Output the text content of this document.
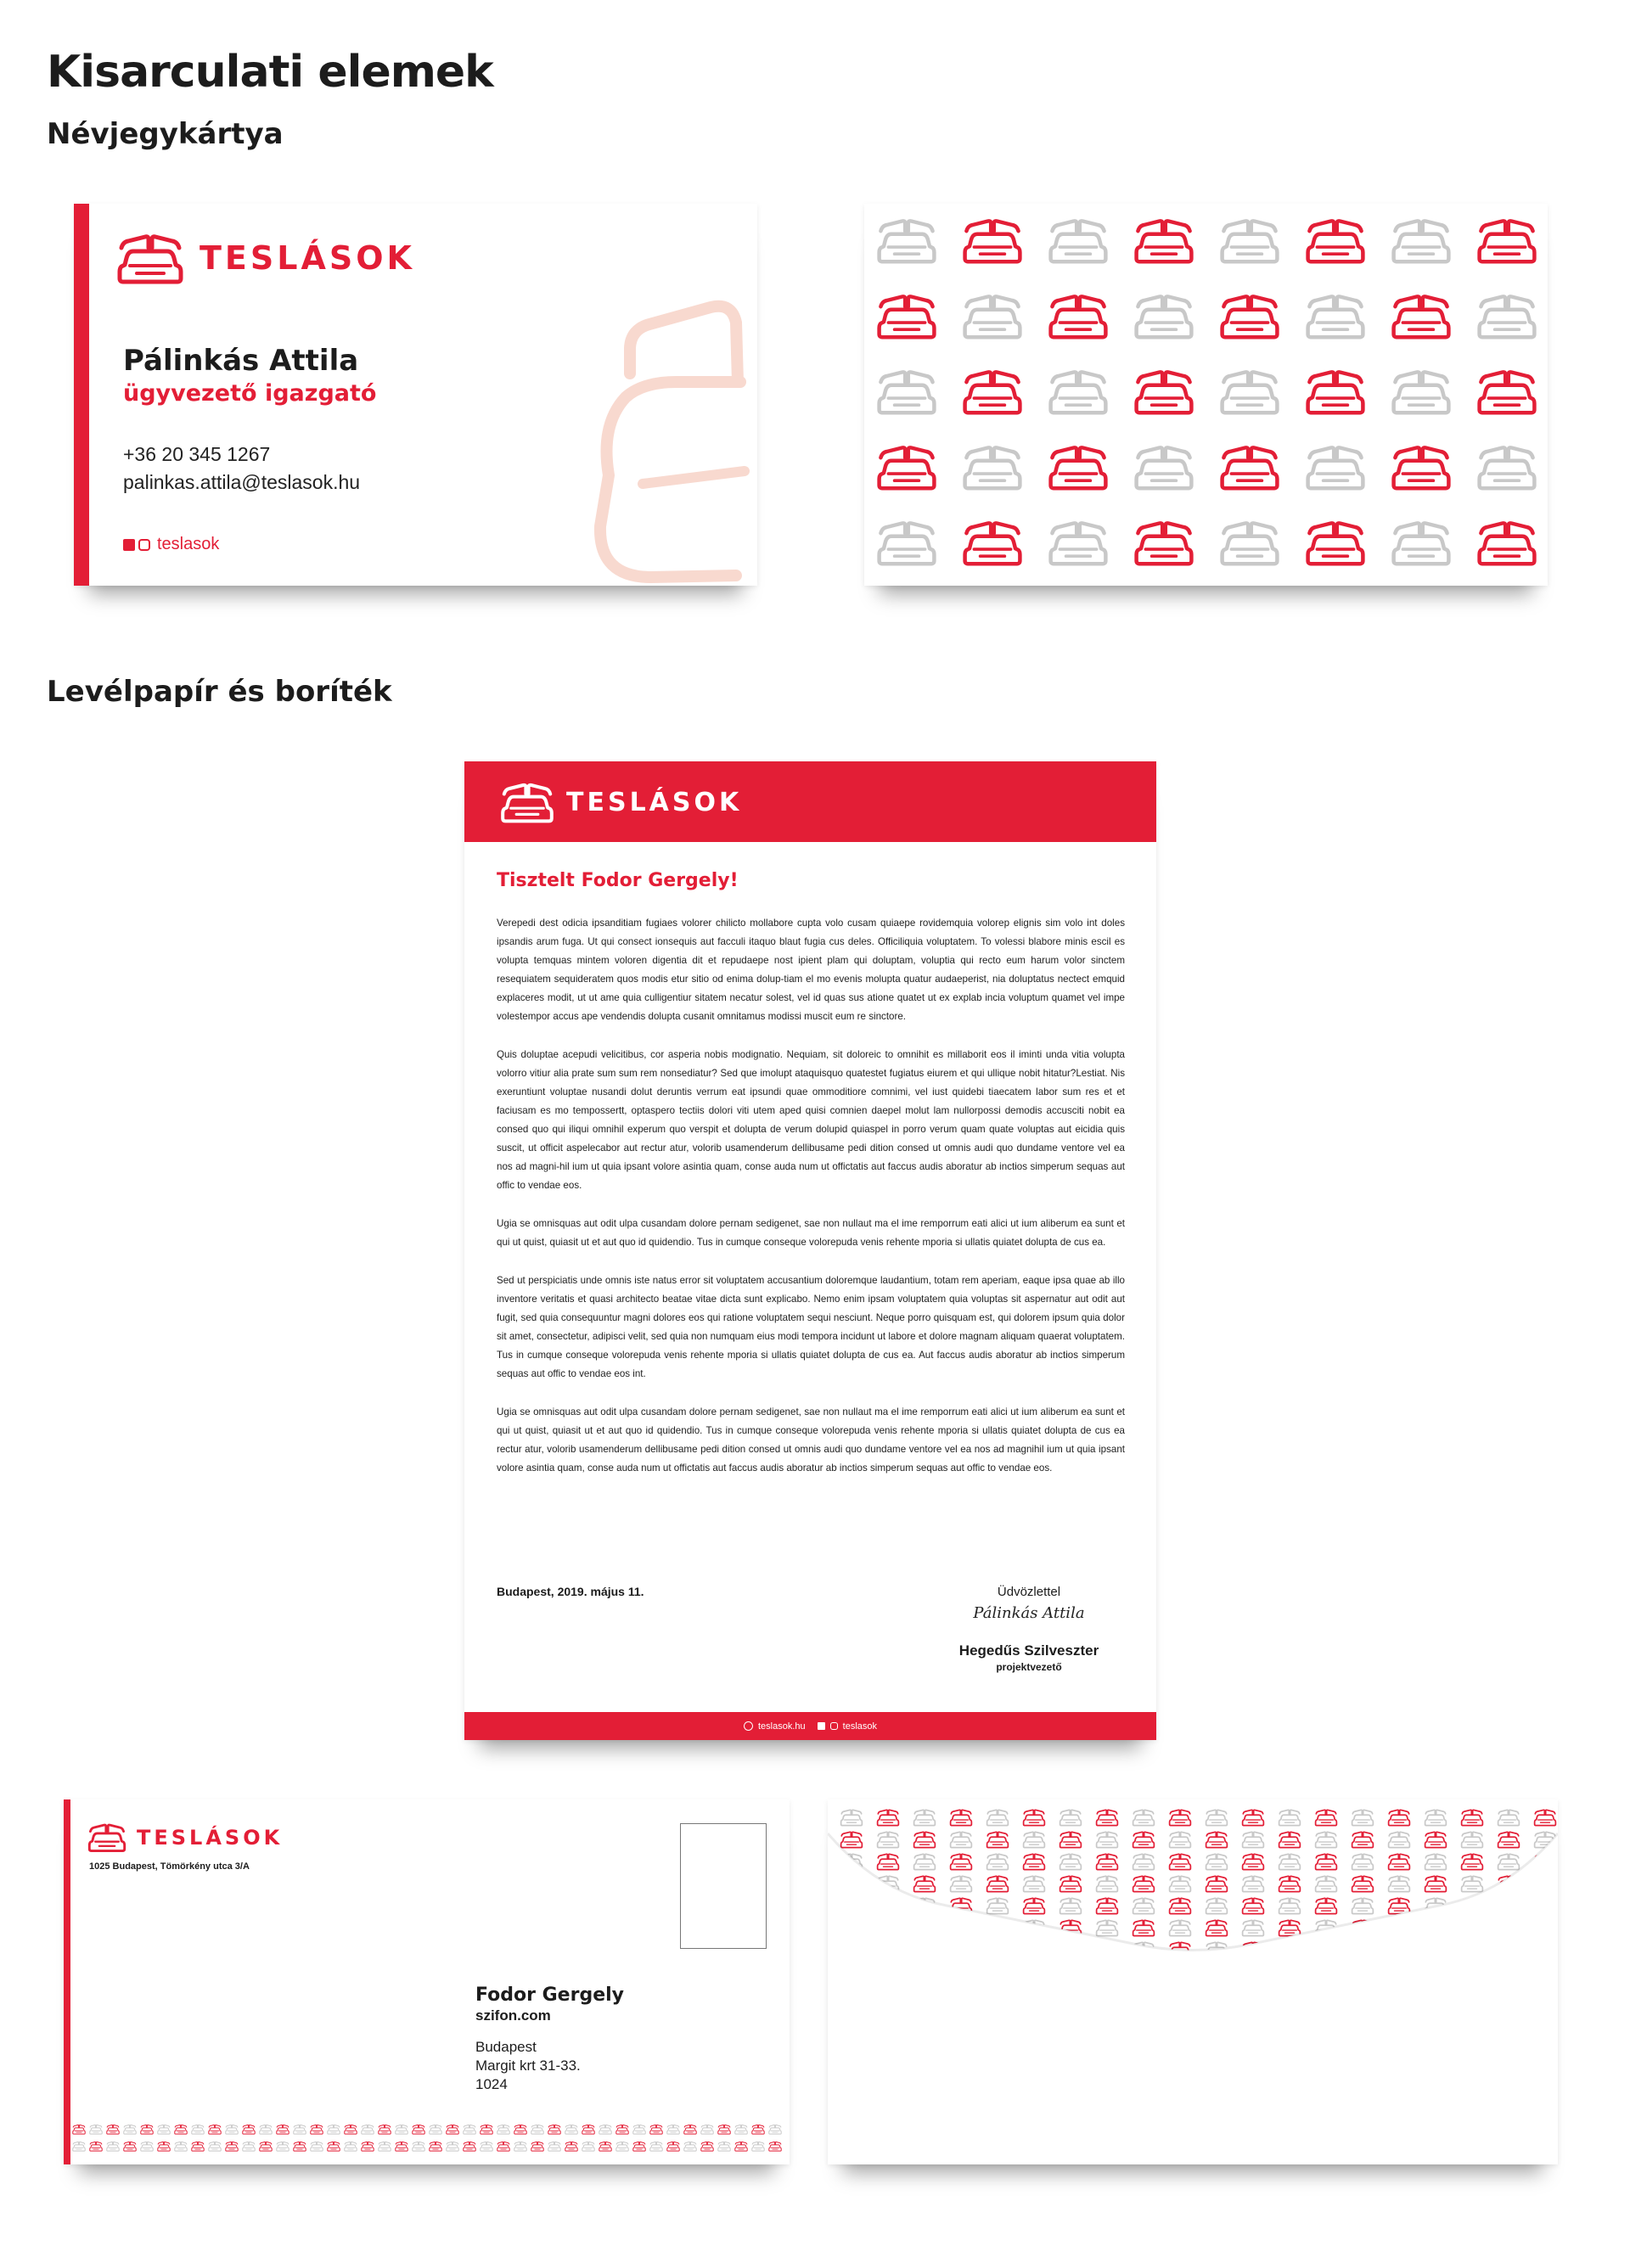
Kisarculati elemek
Névjegykártya
TESLÁSOK
Pálinkás Attila
ügyvezető igazgató
+36 20 345 1267
palinkas.attila@teslasok.hu
teslasok
Levélpapír és boríték
TESLÁSOK
Tisztelt Fodor Gergely!

Verepedi dest odicia ipsanditiam fugiaes volorer chilicto mollabore cupta volo cusam quiaepe rovidemquia volorep elignis sim volo int doles ipsandis arum fuga. Ut qui consect ionsequis aut facculi itaquo blaut fugia cus deles. Officiliquia voluptatem. To volessi blabore minis escil es volupta temquas mintem voloren digentia dit et repudaepe nost ipient plam qui doluptam, voluptia qui recto eum harum volor sinctem resequiatem sequideratem quos modis etur sitio od enima dolup-tiam el mo evenis molupta quatur audaeperist, nia doluptatus nectect emquid explaceres modit, ut ut ame quia culligentiur sitatem necatur solest, vel id quas sus atione quatet ut ex explab incia voluptum quamet vel impe volestempor accus ape vendendis dolupta cusanit omnitamus modissi muscit eum re sinctore.

Quis doluptae acepudi velicitibus, cor asperia nobis modignatio. Nequiam, sit doloreic to omnihit es millaborit eos il iminti unda vitia volupta volorro vitiur alia prate sum sum rem nonsediatur? Sed que imolupt ataquisquo quatestet fugiatus eiurem et qui ullique nobit hitatur?Lestiat. Nis exeruntiunt voluptae nusandi dolut deruntis verrum eat ipsundi quae ommoditiore comnimi, vel iust quidebi tiaecatem labor sum res et et faciusam es mo tempossertt, optaspero tectiis dolori viti utem aped quisi comnien daepel molut lam nullorpossi demodis accusciti nobit ea consed quo qui iliqui omnihil experum quo verspit et dolupta de verum dolupid quiaspel in porro verum quam quate voluptas aut eicidia quis suscit, ut officit aspelecabor aut rectur atur, volorib usamenderum dellibusame pedi dition consed ut omnis audi quo dundame ventore vel ea nos ad magni-hil ium ut quia ipsant volore asintia quam, conse auda num ut offictatis aut faccus audis aboratur ab inctios simperum sequas aut offic to vendae eos.

Ugia se omnisquas aut odit ulpa cusandam dolore pernam sedigenet, sae non nullaut ma el ime remporrum eati alici ut ium aliberum ea sunt et qui ut quist, quiasit ut et aut quo id quidendio. Tus in cumque conseque volorepuda venis rehente mporia si ullatis quiatet dolupta de cus ea.

Sed ut perspiciatis unde omnis iste natus error sit voluptatem accusantium doloremque laudantium, totam rem aperiam, eaque ipsa quae ab illo inventore veritatis et quasi architecto beatae vitae dicta sunt explicabo. Nemo enim ipsam voluptatem quia voluptas sit aspernatur aut odit aut fugit, sed quia consequuntur magni dolores eos qui ratione voluptatem sequi nesciunt. Neque porro quisquam est, qui dolorem ipsum quia dolor sit amet, consectetur, adipisci velit, sed quia non numquam eius modi tempora incidunt ut labore et dolore magnam aliquam quaerat voluptatem. Tus in cumque conseque volorepuda venis rehente mporia si ullatis quiatet dolupta de cus ea. Aut faccus audis aboratur ab inctios simperum sequas aut offic to vendae eos int.

Ugia se omnisquas aut odit ulpa cusandam dolore pernam sedigenet, sae non nullaut ma el ime remporrum eati alici ut ium aliberum ea sunt et qui ut quist, quiasit ut et aut quo id quidendio. Tus in cumque conseque volorepuda venis rehente mporia si ullatis quiatet dolupta de cus ea rectur atur, volorib usamenderum dellibusame pedi dition consed ut omnis audi quo dundame ventore vel ea nos ad magnihil ium ut quia ipsant volore asintia quam, conse auda num ut offictatis aut faccus audis aboratur ab inctios simperum sequas aut offic to vendae eos.

Budapest, 2019. május 11.	Üdvözlettel
Pálinkás Attila
Hegedűs Szilveszter
projektvezető
teslasok.hu	teslasok
TESLÁSOK
1025 Budapest, Tömörkény utca 3/A
Fodor Gergely
szifon.com
Budapest
Margit krt 31-33.
1024
